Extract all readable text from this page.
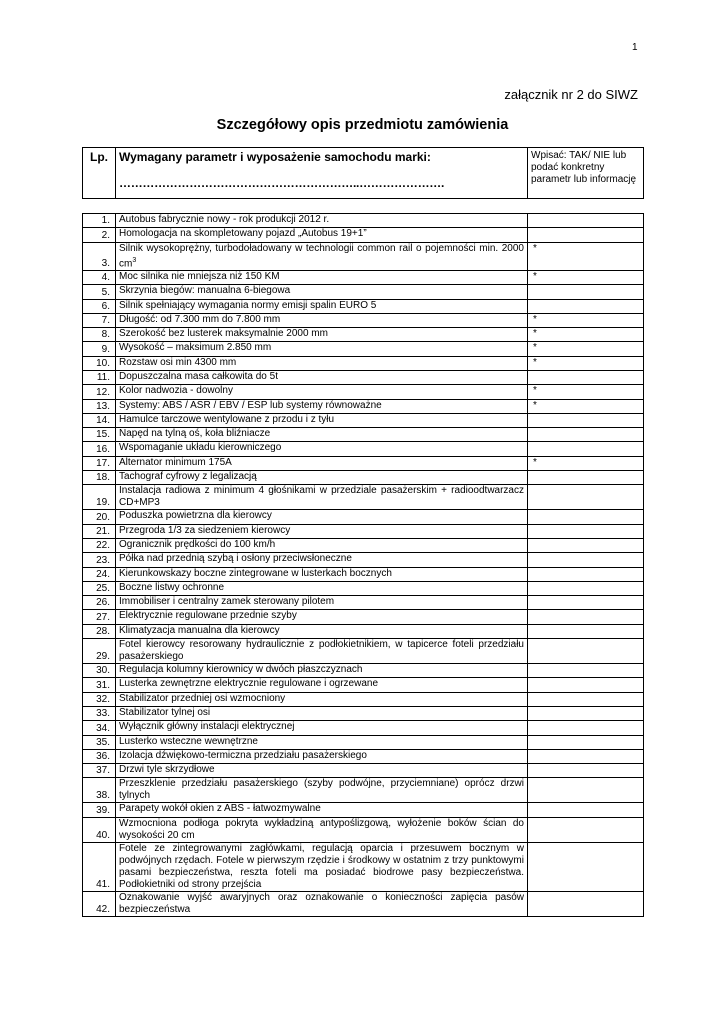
1
załącznik nr 2 do SIWZ
Szczegółowy opis przedmiotu zamówienia
Lp.	Wymagany parametr i wyposażenie samochodu marki:
……………………………………………………..………………….
	Wpisać: TAK/ NIE lub podać konkretny parametr lub informację
1.	Autobus fabrycznie nowy - rok produkcji 2012 r.	
2.	Homologacja na skompletowany pojazd „Autobus 19+1”	
3.	Silnik wysokoprężny, turbodoładowany w technologii common rail o pojemności min. 2000 $cm^3$	*
4.	Moc silnika nie mniejsza niż 150 KM	*
5.	Skrzynia biegów: manualna 6-biegowa	
6.	Silnik spełniający wymagania normy emisji spalin EURO 5	
7.	Długość: od 7.300 mm do 7.800 mm	*
8.	Szerokość bez lusterek maksymalnie 2000 mm	*
9.	Wysokość – maksimum 2.850 mm	*
10.	Rozstaw osi min 4300 mm	*
11.	Dopuszczalna masa całkowita do 5t	
12.	Kolor nadwozia - dowolny	*
13.	Systemy: ABS / ASR / EBV / ESP lub systemy równoważne	*
14.	Hamulce tarczowe wentylowane z przodu i z tyłu	
15.	Napęd na tylną oś, koła bliźniacze	
16.	Wspomaganie układu kierowniczego	
17.	Alternator minimum 175A	*
18.	Tachograf cyfrowy z legalizacją	
19.	Instalacja radiowa z minimum 4 głośnikami w przedziale pasażerskim + radioodtwarzacz CD+MP3	
20.	Poduszka powietrzna dla kierowcy	
21.	Przegroda 1/3 za siedzeniem kierowcy	
22.	Ogranicznik prędkości do 100 km/h	
23.	Półka nad przednią szybą i osłony przeciwsłoneczne	
24.	Kierunkowskazy boczne zintegrowane w lusterkach bocznych	
25.	Boczne listwy ochronne	
26.	Immobiliser i centralny zamek sterowany pilotem	
27.	Elektrycznie regulowane przednie szyby	
28.	Klimatyzacja manualna dla kierowcy	
29.	Fotel kierowcy resorowany hydraulicznie z podłokietnikiem, w tapicerce foteli przedziału pasażerskiego	
30.	Regulacja kolumny kierownicy w dwóch płaszczyznach	
31.	Lusterka zewnętrzne elektrycznie regulowane i ogrzewane	
32.	Stabilizator przedniej osi wzmocniony	
33.	Stabilizator tylnej osi	
34.	Wyłącznik główny instalacji elektrycznej	
35.	Lusterko wsteczne wewnętrzne	
36.	Izolacja dźwiękowo-termiczna przedziału pasażerskiego	
37.	Drzwi tyle skrzydłowe	
38.	Przeszklenie przedziału pasażerskiego (szyby podwójne, przyciemniane) oprócz drzwi tylnych	
39.	Parapety wokół okien z ABS - łatwozmywalne	
40.	Wzmocniona podłoga pokryta wykładziną antypoślizgową, wyłożenie boków ścian do wysokości 20 cm	
41.	Fotele ze zintegrowanymi zagłówkami, regulacją oparcia i przesuwem bocznym w podwójnych rzędach. Fotele w pierwszym rzędzie i środkowy w ostatnim z trzy punktowymi pasami bezpieczeństwa, reszta foteli ma posiadać biodrowe pasy bezpieczeństwa. Podłokietniki od strony przejścia	
42.	Oznakowanie wyjść awaryjnych oraz oznakowanie o konieczności zapięcia pasów bezpieczeństwa	
